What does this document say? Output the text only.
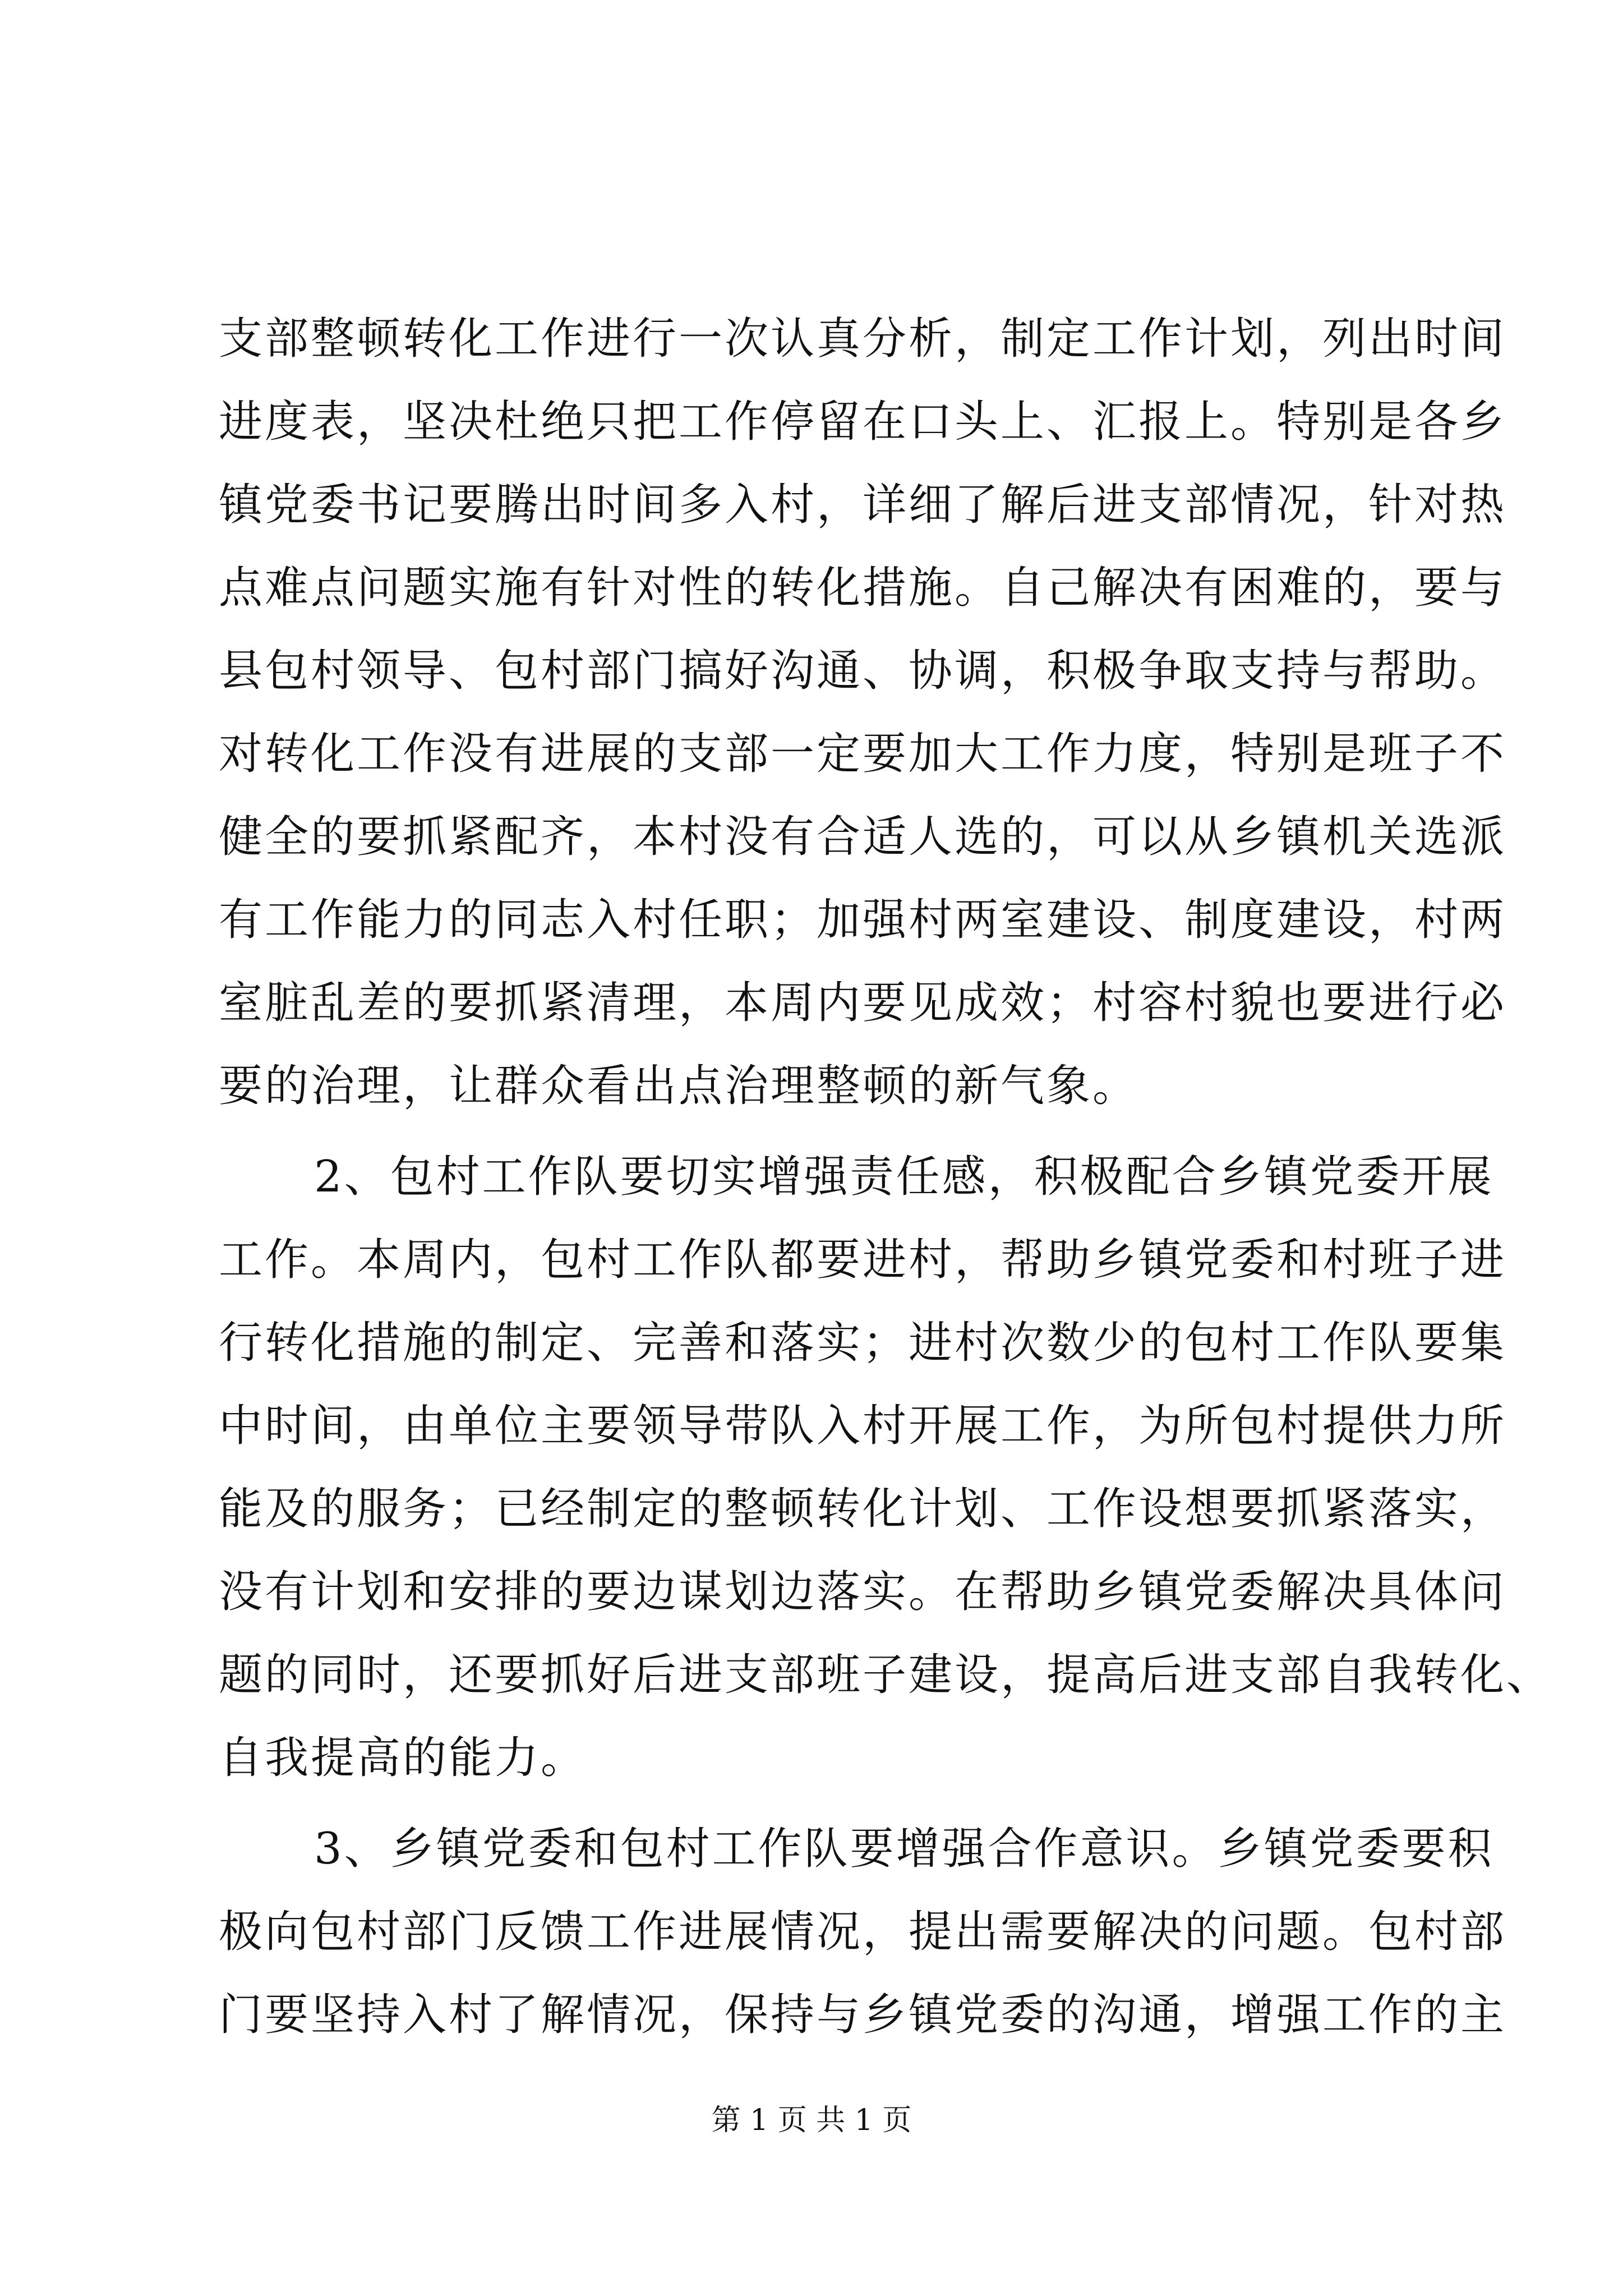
支部整顿转化工作进行一次认真分析，制定工作计划，列出时间
进度表，坚决杜绝只把工作停留在口头上、汇报上。特别是各乡
镇党委书记要腾出时间多入村，详细了解后进支部情况，针对热
点难点问题实施有针对性的转化措施。自己解决有困难的，要与
县包村领导、包村部门搞好沟通、协调，积极争取支持与帮助。
对转化工作没有进展的支部一定要加大工作力度，特别是班子不
健全的要抓紧配齐，本村没有合适人选的，可以从乡镇机关选派
有工作能力的同志入村任职；加强村两室建设、制度建设，村两
室脏乱差的要抓紧清理，本周内要见成效；村容村貌也要进行必
要的治理，让群众看出点治理整顿的新气象。
2、包村工作队要切实增强责任感，积极配合乡镇党委开展
工作。本周内，包村工作队都要进村，帮助乡镇党委和村班子进
行转化措施的制定、完善和落实；进村次数少的包村工作队要集
中时间，由单位主要领导带队入村开展工作，为所包村提供力所
能及的服务；已经制定的整顿转化计划、工作设想要抓紧落实，
没有计划和安排的要边谋划边落实。在帮助乡镇党委解决具体问
题的同时，还要抓好后进支部班子建设，提高后进支部自我转化、
自我提高的能力。
3、乡镇党委和包村工作队要增强合作意识。乡镇党委要积
极向包村部门反馈工作进展情况，提出需要解决的问题。包村部
门要坚持入村了解情况，保持与乡镇党委的沟通，增强工作的主
第 1 页 共 1 页
